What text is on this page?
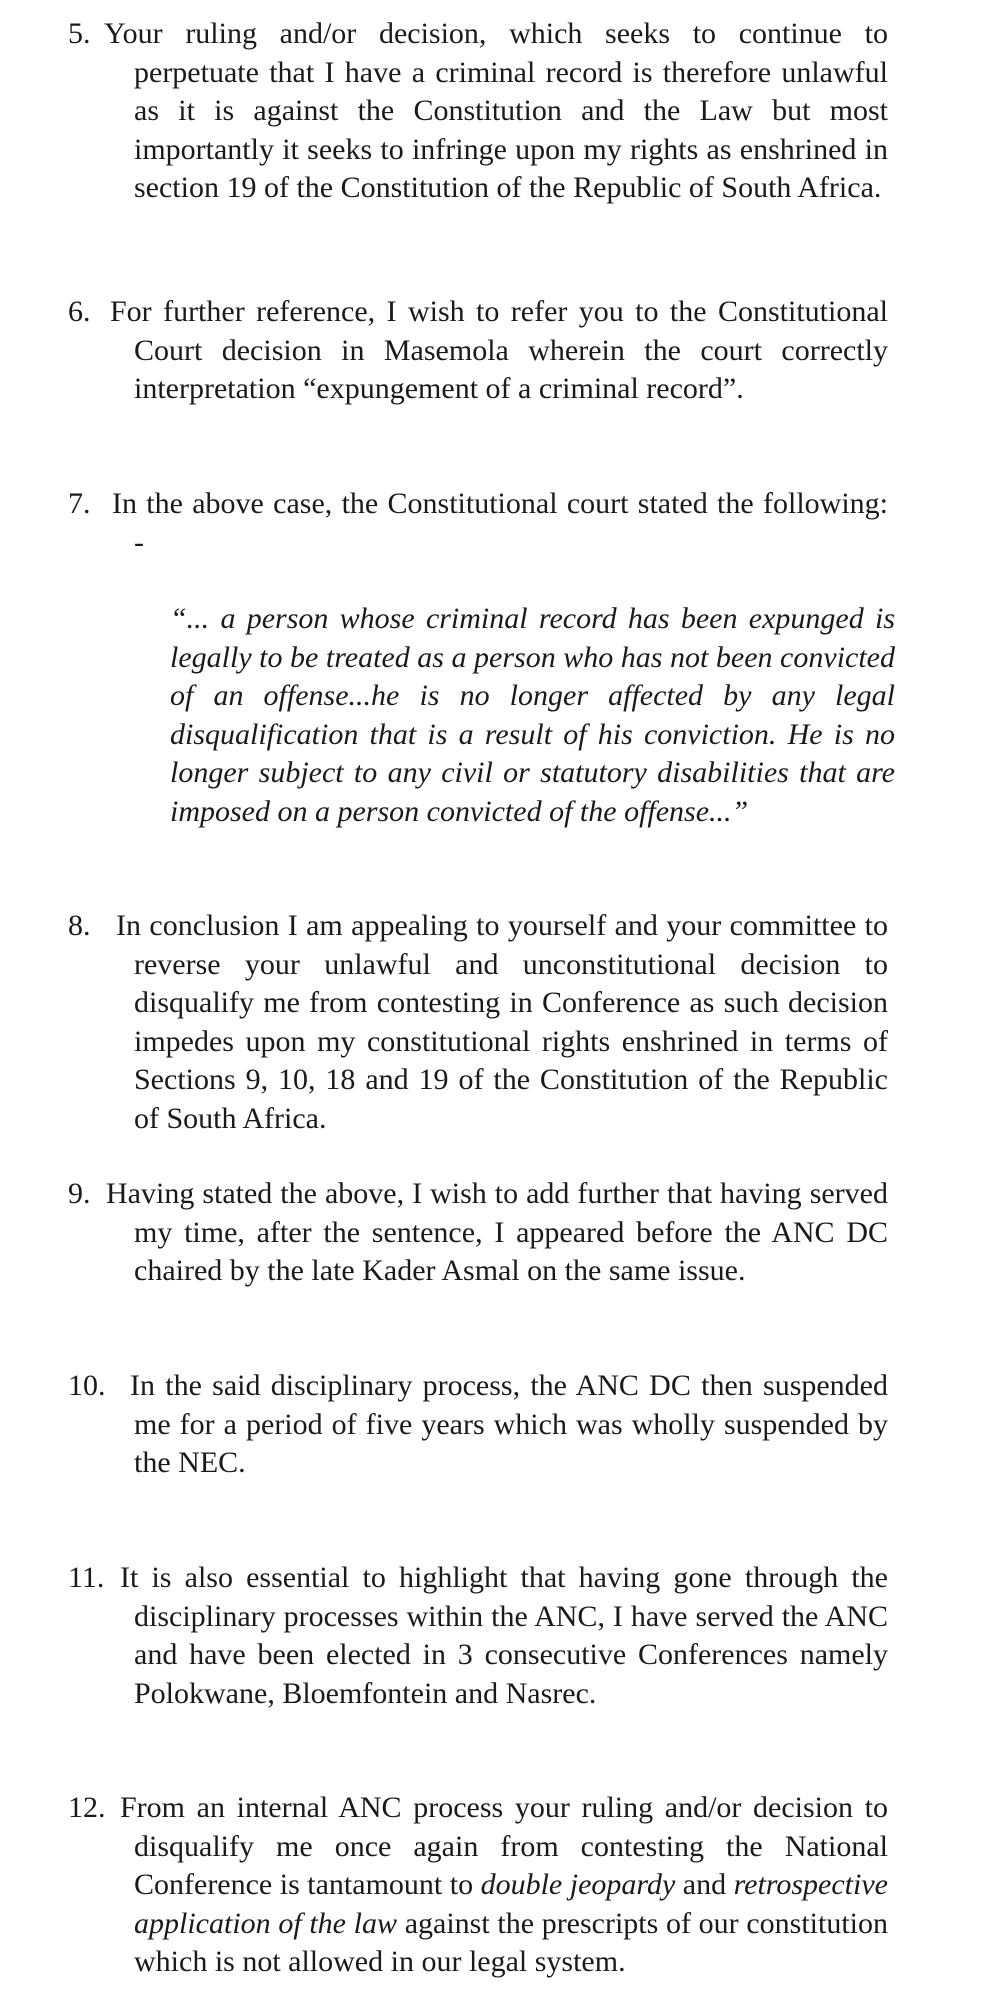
5. Your ruling and/or decision, which seeks to continue to perpetuate that I have a criminal record is therefore unlawful as it is against the Constitution and the Law but most importantly it seeks to infringe upon my rights as enshrined in section 19 of the Constitution of the Republic of South Africa.
6. For further reference, I wish to refer you to the Constitutional Court decision in Masemola wherein the court correctly interpretation “expungement of a criminal record”.
7. In the above case, the Constitutional court stated the following: -
“... a person whose criminal record has been expunged is legally to be treated as a person who has not been convicted of an offense...he is no longer affected by any legal disqualification that is a result of his conviction. He is no longer subject to any civil or statutory disabilities that are imposed on a person convicted of the offense...”
8. In conclusion I am appealing to yourself and your committee to reverse your unlawful and unconstitutional decision to disqualify me from contesting in Conference as such decision impedes upon my constitutional rights enshrined in terms of Sections 9, 10, 18 and 19 of the Constitution of the Republic of South Africa.
9. Having stated the above, I wish to add further that having served my time, after the sentence, I appeared before the ANC DC chaired by the late Kader Asmal on the same issue.
10. In the said disciplinary process, the ANC DC then suspended me for a period of five years which was wholly suspended by the NEC.
11. It is also essential to highlight that having gone through the disciplinary processes within the ANC, I have served the ANC and have been elected in 3 consecutive Conferences namely Polokwane, Bloemfontein and Nasrec.
12. From an internal ANC process your ruling and/or decision to disqualify me once again from contesting the National Conference is tantamount to double jeopardy and retrospective application of the law against the prescripts of our constitution which is not allowed in our legal system.
